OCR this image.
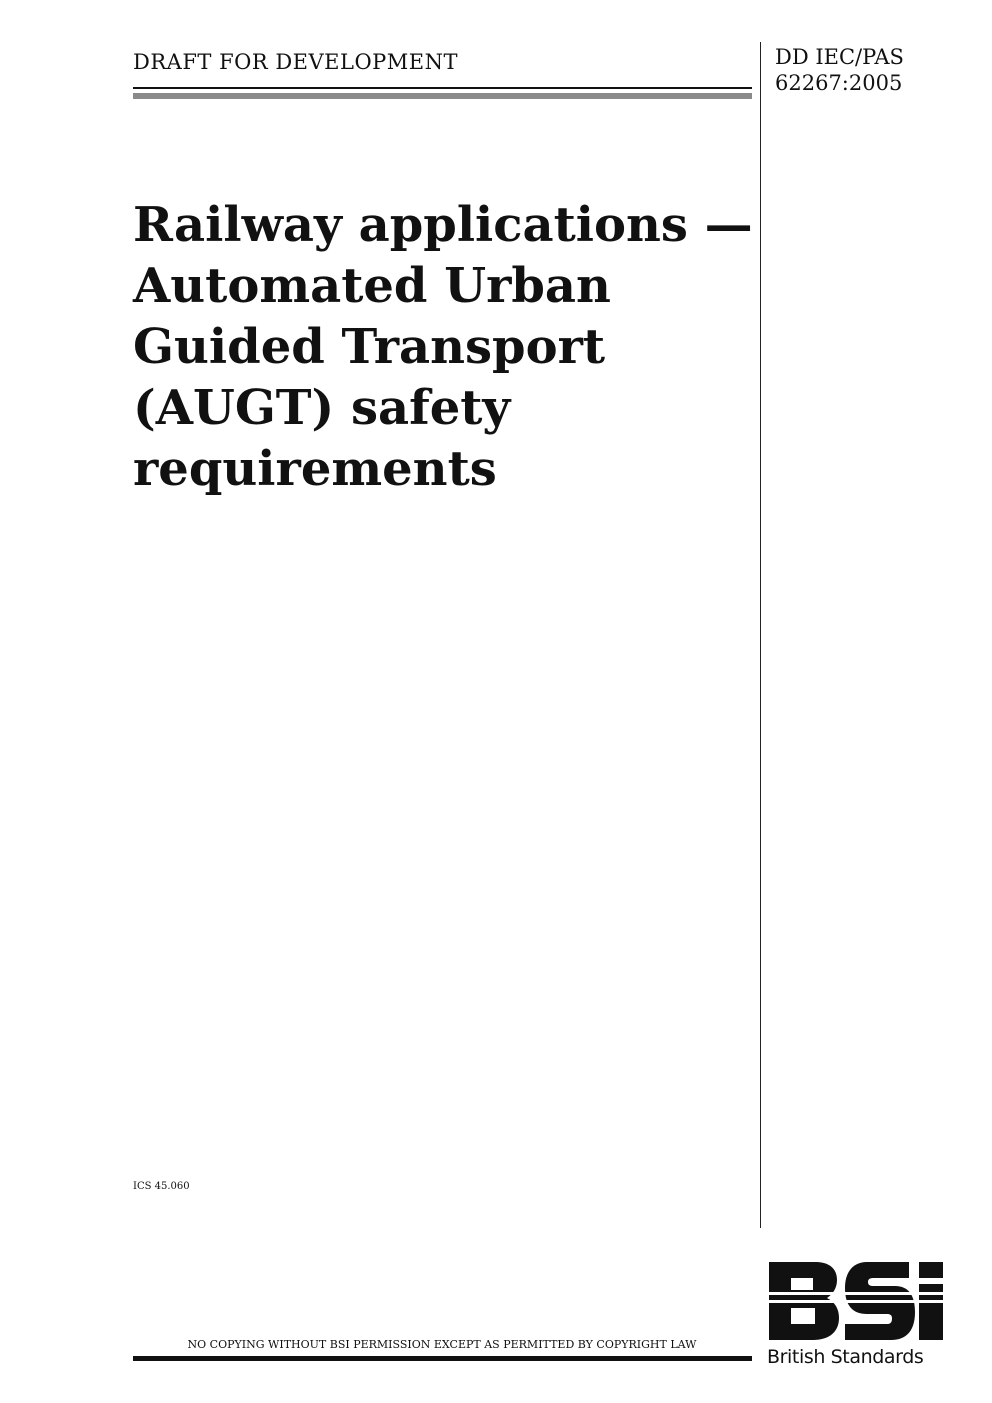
DRAFT FOR DEVELOPMENT	DD IEC/PAS
62267:2005
Railway applications —
Automated Urban
Guided Transport
(AUGT) safety
requirements
ICS 45.060
NO COPYING WITHOUT BSI PERMISSION EXCEPT AS PERMITTED BY COPYRIGHT LAW
British Standards
